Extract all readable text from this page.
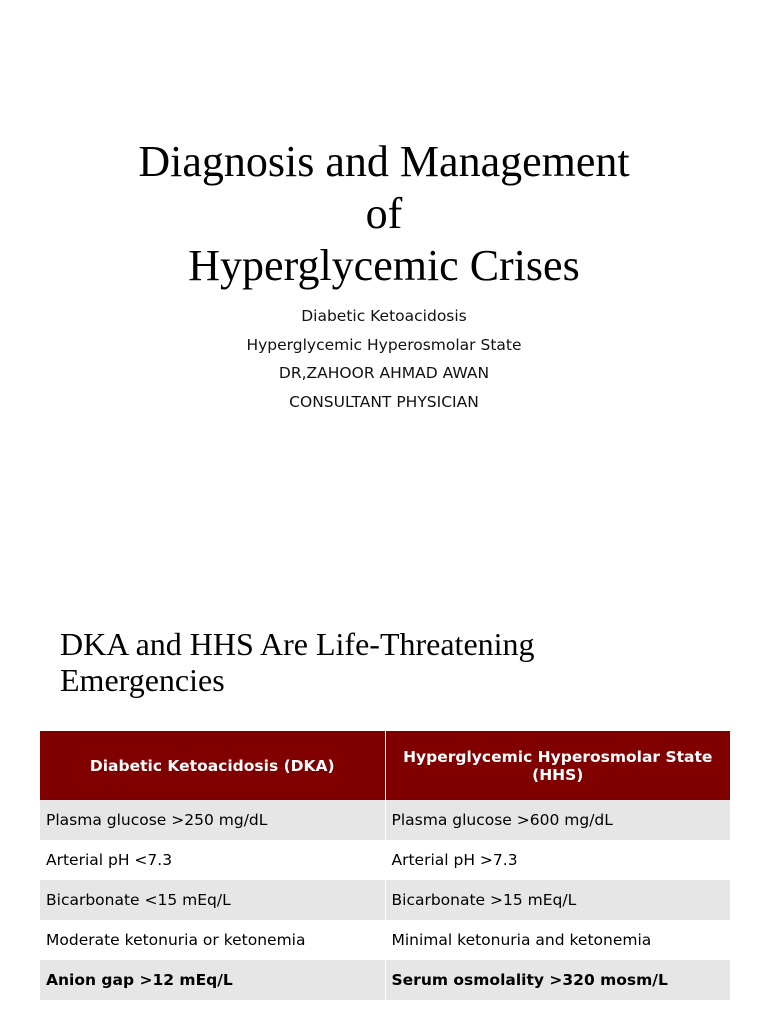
Diagnosis and Management
of
Hyperglycemic Crises
Diabetic Ketoacidosis
Hyperglycemic Hyperosmolar State
DR,ZAHOOR AHMAD AWAN
CONSULTANT PHYSICIAN
DKA and HHS Are Life-Threatening
Emergencies
Diabetic Ketoacidosis (DKA)	Hyperglycemic Hyperosmolar State (HHS)
Plasma glucose >250 mg/dL	Plasma glucose >600 mg/dL
Arterial pH <7.3	Arterial pH >7.3
Bicarbonate <15 mEq/L	Bicarbonate >15 mEq/L
Moderate ketonuria or ketonemia	Minimal ketonuria and ketonemia
Anion gap >12 mEq/L	Serum osmolality >320 mosm/L
